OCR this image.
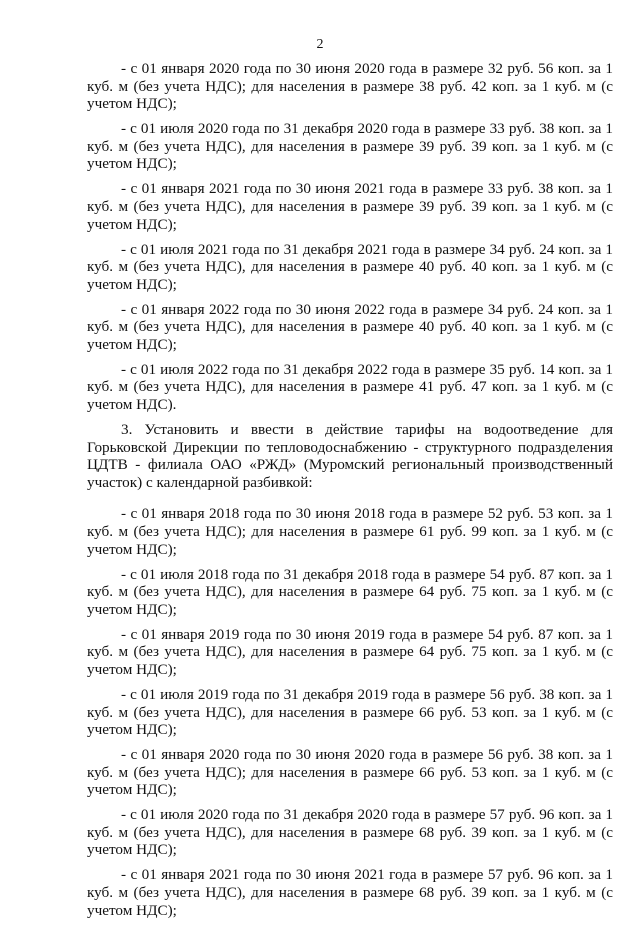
2

- с 01 января 2020 года по 30 июня 2020 года в размере 32 руб. 56 коп. за 1 куб. м (без учета НДС); для населения в размере 38 руб. 42 коп. за 1 куб. м (с учетом НДС);

- с 01 июля 2020 года по 31 декабря 2020 года в размере 33 руб. 38 коп. за 1 куб. м (без учета НДС), для населения в размере 39 руб. 39 коп. за 1 куб. м (с учетом НДС);

- с 01 января 2021 года по 30 июня 2021 года в размере 33 руб. 38 коп. за 1 куб. м (без учета НДС), для населения в размере 39 руб. 39 коп. за 1 куб. м (с учетом НДС);

- с 01 июля 2021 года по 31 декабря 2021 года в размере 34 руб. 24 коп. за 1 куб. м (без учета НДС), для населения в размере 40 руб. 40 коп. за 1 куб. м (с учетом НДС);

- с 01 января 2022 года по 30 июня 2022 года в размере 34 руб. 24 коп. за 1 куб. м (без учета НДС), для населения в размере 40 руб. 40 коп. за 1 куб. м (с учетом НДС);

- с 01 июля 2022 года по 31 декабря 2022 года в размере 35 руб. 14 коп. за 1 куб. м (без учета НДС), для населения в размере 41 руб. 47 коп. за 1 куб. м (с учетом НДС).

3. Установить и ввести в действие тарифы на водоотведение для Горьковской Дирекции по тепловодоснабжению - структурного подразделения ЦДТВ - филиала ОАО «РЖД» (Муромский региональный производственный участок) с календарной разбивкой:

- с 01 января 2018 года по 30 июня 2018 года в размере 52 руб. 53 коп. за 1 куб. м (без учета НДС); для населения в размере 61 руб. 99 коп. за 1 куб. м (с учетом НДС);

- с 01 июля 2018 года по 31 декабря 2018 года в размере 54 руб. 87 коп. за 1 куб. м (без учета НДС), для населения в размере 64 руб. 75 коп. за 1 куб. м (с учетом НДС);

- с 01 января 2019 года по 30 июня 2019 года в размере 54 руб. 87 коп. за 1 куб. м (без учета НДС), для населения в размере 64 руб. 75 коп. за 1 куб. м (с учетом НДС);

- с 01 июля 2019 года по 31 декабря 2019 года в размере 56 руб. 38 коп. за 1 куб. м (без учета НДС), для населения в размере 66 руб. 53 коп. за 1 куб. м (с учетом НДС);

- с 01 января 2020 года по 30 июня 2020 года в размере 56 руб. 38 коп. за 1 куб. м (без учета НДС); для населения в размере 66 руб. 53 коп. за 1 куб. м (с учетом НДС);

- с 01 июля 2020 года по 31 декабря 2020 года в размере 57 руб. 96 коп. за 1 куб. м (без учета НДС), для населения в размере 68 руб. 39 коп. за 1 куб. м (с учетом НДС);

- с 01 января 2021 года по 30 июня 2021 года в размере 57 руб. 96 коп. за 1 куб. м (без учета НДС), для населения в размере 68 руб. 39 коп. за 1 куб. м (с учетом НДС);
